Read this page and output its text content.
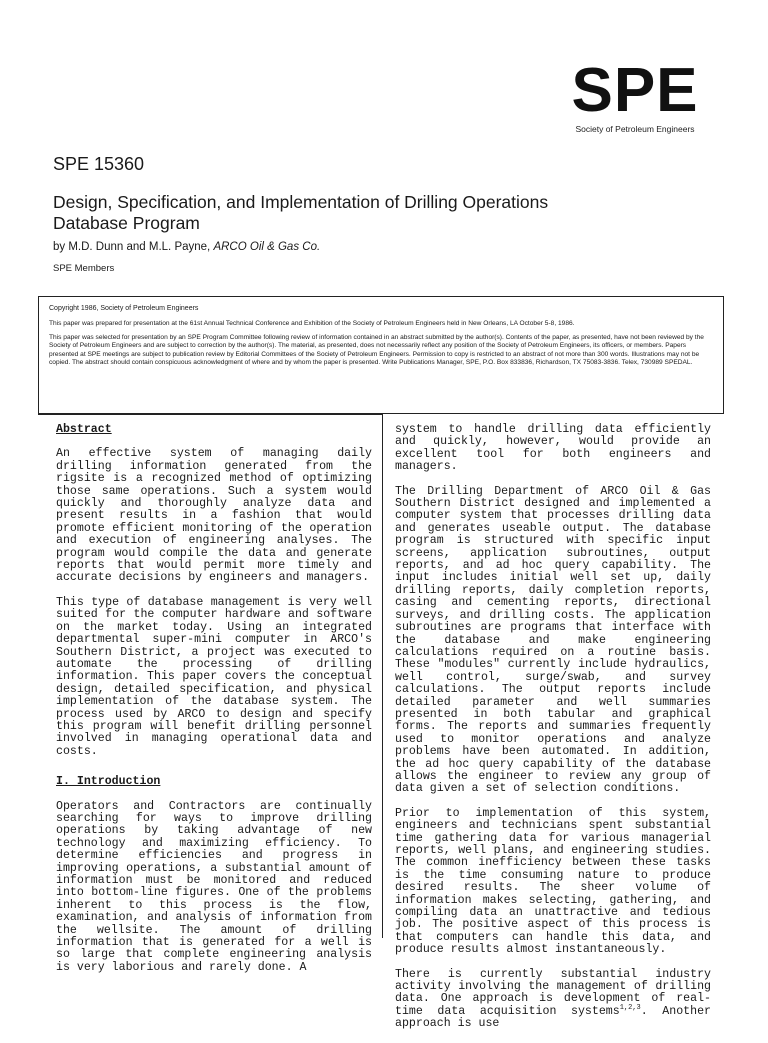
SPE
Society of Petroleum Engineers
SPE 15360
Design, Specification, and Implementation of Drilling Operations Database Program
by M.D. Dunn and M.L. Payne, ARCO Oil & Gas Co.
SPE Members

Copyright 1986, Society of Petroleum Engineers

This paper was prepared for presentation at the 61st Annual Technical Conference and Exhibition of the Society of Petroleum Engineers held in New Orleans, LA October 5-8, 1986.

This paper was selected for presentation by an SPE Program Committee following review of information contained in an abstract submitted by the author(s). Contents of the paper, as presented, have not been reviewed by the Society of Petroleum Engineers and are subject to correction by the author(s). The material, as presented, does not necessarily reflect any position of the Society of Petroleum Engineers, its officers, or members. Papers presented at SPE meetings are subject to publication review by Editorial Committees of the Society of Petroleum Engineers. Permission to copy is restricted to an abstract of not more than 300 words. Illustrations may not be copied. The abstract should contain conspicuous acknowledgment of where and by whom the paper is presented. Write Publications Manager, SPE, P.O. Box 833836, Richardson, TX 75083-3836. Telex, 730989 SPEDAL.

Abstract

An effective system of managing daily drilling information generated from the rigsite is a recognized method of optimizing those same operations. Such a system would quickly and thoroughly analyze data and present results in a fashion that would promote efficient monitoring of the operation and execution of engineering analyses. The program would compile the data and generate reports that would permit more timely and accurate decisions by engineers and managers.

This type of database management is very well suited for the computer hardware and software on the market today. Using an integrated departmental super-mini computer in ARCO's Southern District, a project was executed to automate the processing of drilling information. This paper covers the conceptual design, detailed specification, and physical implementation of the database system. The process used by ARCO to design and specify this program will benefit drilling personnel involved in managing operational data and costs.

I. Introduction

Operators and Contractors are continually searching for ways to improve drilling operations by taking advantage of new technology and maximizing efficiency. To determine efficiencies and progress in improving operations, a substantial amount of information must be monitored and reduced into bottom-line figures. One of the problems inherent to this process is the flow, examination, and analysis of information from the wellsite. The amount of drilling information that is generated for a well is so large that complete engineering analysis is very laborious and rarely done. A

system to handle drilling data efficiently and quickly, however, would provide an excellent tool for both engineers and managers.

The Drilling Department of ARCO Oil & Gas Southern District designed and implemented a computer system that processes drilling data and generates useable output. The database program is structured with specific input screens, application subroutines, output reports, and ad hoc query capability. The input includes initial well set up, daily drilling reports, daily completion reports, casing and cementing reports, directional surveys, and drilling costs. The application subroutines are programs that interface with the database and make engineering calculations required on a routine basis. These "modules" currently include hydraulics, well control, surge/swab, and survey calculations. The output reports include detailed parameter and well summaries presented in both tabular and graphical forms. The reports and summaries frequently used to monitor operations and analyze problems have been automated. In addition, the ad hoc query capability of the database allows the engineer to review any group of data given a set of selection conditions.

Prior to implementation of this system, engineers and technicians spent substantial time gathering data for various managerial reports, well plans, and engineering studies. The common inefficiency between these tasks is the time consuming nature to produce desired results. The sheer volume of information makes selecting, gathering, and compiling data an unattractive and tedious job. The positive aspect of this process is that computers can handle this data, and produce results almost instantaneously.

There is currently substantial industry activity involving the management of drilling data. One approach is development of real-time data acquisition systems$^{1,2,3}$. Another approach is use
